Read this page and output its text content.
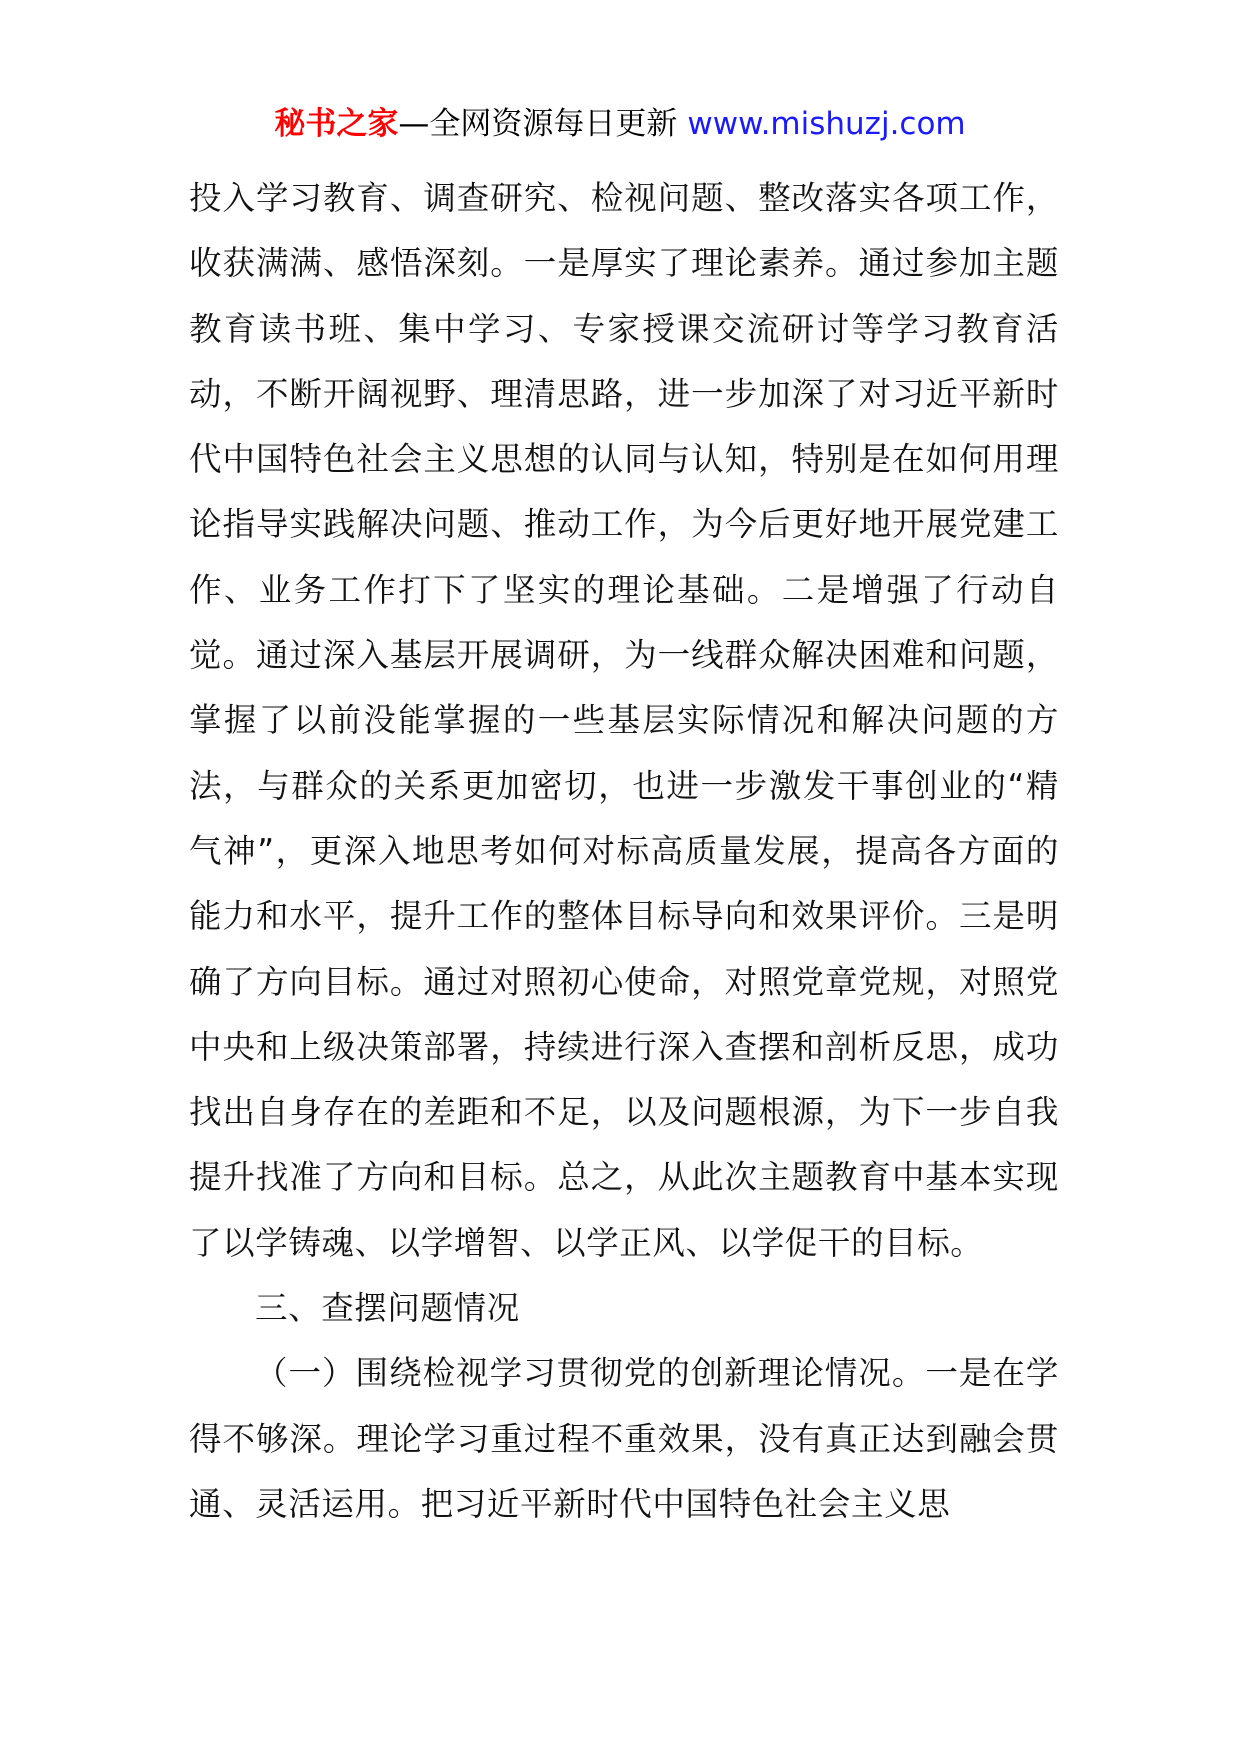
秘书之家—全网资源每日更新 www.mishuzj.com

投入学习教育、调查研究、检视问题、整改落实各项工作，收获满满、感悟深刻。一是厚实了理论素养。通过参加主题教育读书班、集中学习、专家授课交流研讨等学习教育活动，不断开阔视野、理清思路，进一步加深了对习近平新时代中国特色社会主义思想的认同与认知，特别是在如何用理论指导实践解决问题、推动工作，为今后更好地开展党建工作、业务工作打下了坚实的理论基础。二是增强了行动自觉。通过深入基层开展调研，为一线群众解决困难和问题，掌握了以前没能掌握的一些基层实际情况和解决问题的方法，与群众的关系更加密切，也进一步激发干事创业的“精气神”，更深入地思考如何对标高质量发展，提高各方面的能力和水平，提升工作的整体目标导向和效果评价。三是明确了方向目标。通过对照初心使命，对照党章党规，对照党中央和上级决策部署，持续进行深入查摆和剖析反思，成功找出自身存在的差距和不足，以及问题根源，为下一步自我提升找准了方向和目标。总之，从此次主题教育中基本实现了以学铸魂、以学增智、以学正风、以学促干的目标。

三、查摆问题情况

（一）围绕检视学习贯彻党的创新理论情况。一是在学得不够深。理论学习重过程不重效果，没有真正达到融会贯通、灵活运用。把习近平新时代中国特色社会主义思
